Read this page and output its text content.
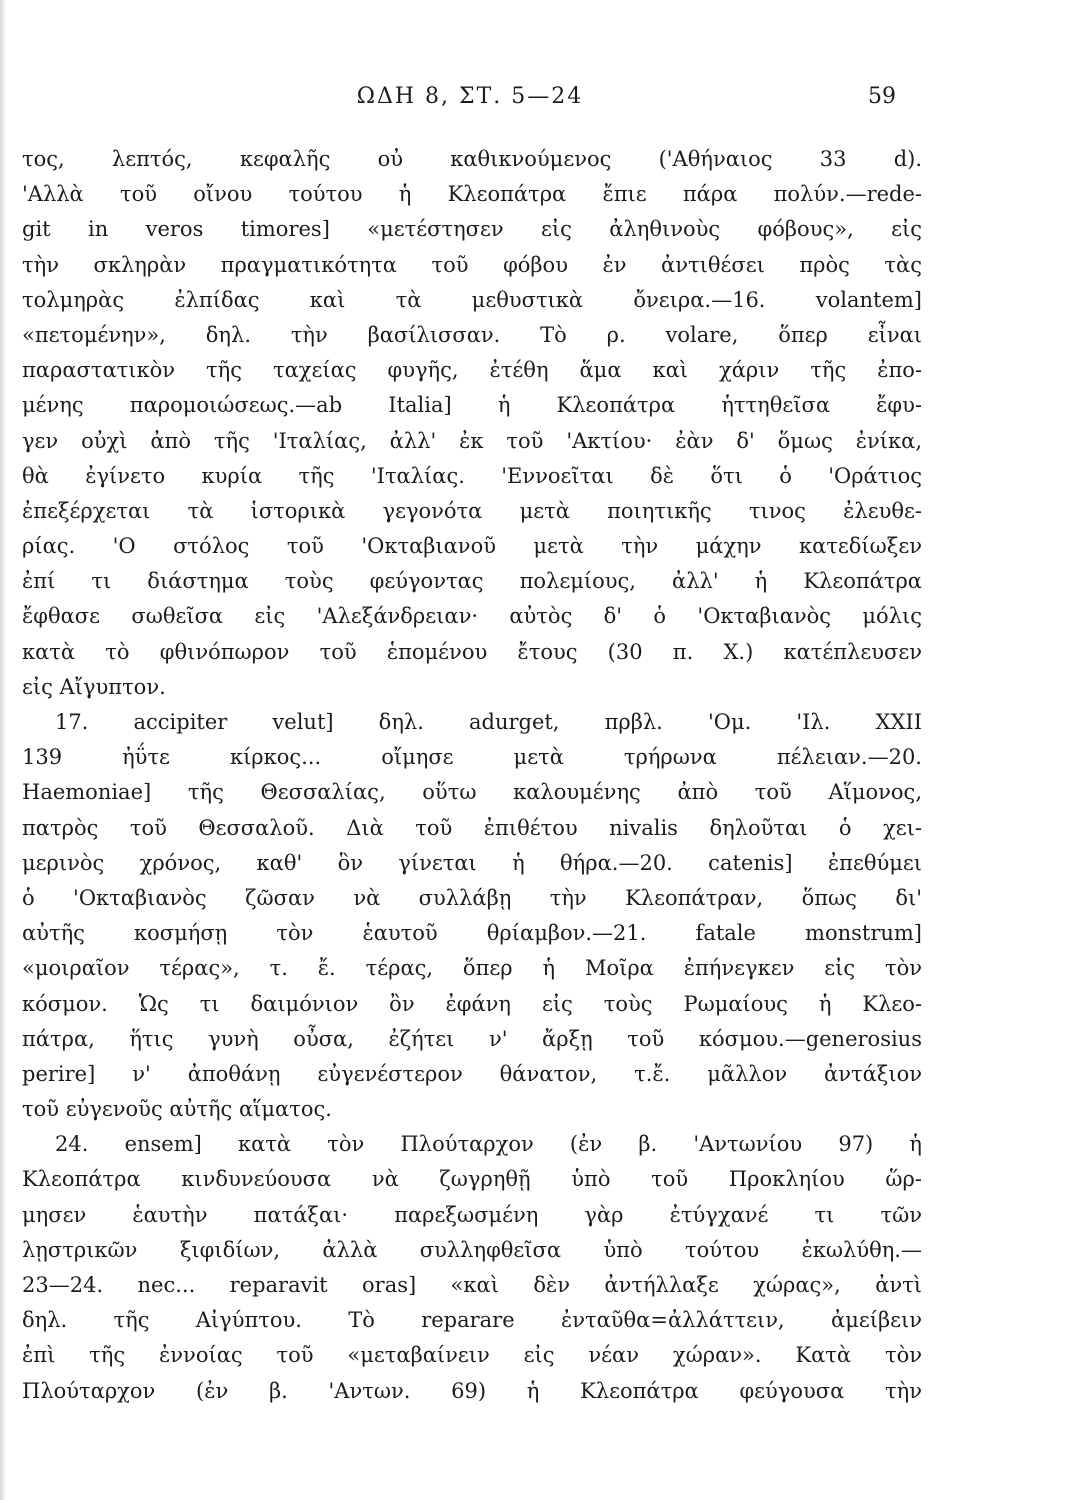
ΩΔΗ 8, ΣΤ. 5—24	59
τος, λεπτός, κεφαλῆς οὐ καθικνούμενος ('Αθήναιος 33 d).
'Αλλὰ τοῦ οἴνου τούτου ἡ Κλεοπάτρα ἔπιε πάρα πολύν.—rede-
git in veros timores] «μετέστησεν εἰς ἀληθινοὺς φόβους», εἰς
τὴν σκληρὰν πραγματικότητα τοῦ φόβου ἐν ἀντιθέσει πρὸς τὰς
τολμηρὰς ἐλπίδας καὶ τὰ μεθυστικὰ ὄνειρα.—16. volantem]
«πετομένην», δηλ. τὴν βασίλισσαν. Τὸ ρ. volare, ὅπερ εἶναι
παραστατικὸν τῆς ταχείας φυγῆς, ἐτέθη ἅμα καὶ χάριν τῆς ἐπο-
μένης παρομοιώσεως.—ab Italia] ἡ Κλεοπάτρα ἡττηθεῖσα ἔφυ-
γεν οὐχὶ ἀπὸ τῆς 'Ιταλίας, ἀλλ' ἐκ τοῦ 'Ακτίου· ἐὰν δ' ὅμως ἐνίκα,
θὰ ἐγίνετο κυρία τῆς 'Ιταλίας. 'Εννοεῖται δὲ ὅτι ὁ 'Οράτιος
ἐπεξέρχεται τὰ ἱστορικὰ γεγονότα μετὰ ποιητικῆς τινος ἐλευθε-
ρίας. 'Ο στόλος τοῦ 'Οκταβιανοῦ μετὰ τὴν μάχην κατεδίωξεν
ἐπί τι διάστημα τοὺς φεύγοντας πολεμίους, ἀλλ' ἡ Κλεοπάτρα
ἔφθασε σωθεῖσα εἰς 'Αλεξάνδρειαν· αὐτὸς δ' ὁ 'Οκταβιανὸς μόλις
κατὰ τὸ φθινόπωρον τοῦ ἑπομένου ἔτους (30 π. Χ.) κατέπλευσεν
εἰς Αἴγυπτον.
17. accipiter velut] δηλ. adurget, πρβλ. 'Ομ. 'Ιλ. XXII
139 ἠΰτε κίρκος... οἴμησε μετὰ τρήρωνα πέλειαν.—20.
Haemoniae] τῆς Θεσσαλίας, οὕτω καλουμένης ἀπὸ τοῦ Αἵμονος,
πατρὸς τοῦ Θεσσαλοῦ. Διὰ τοῦ ἐπιθέτου nivalis δηλοῦται ὁ χει-
μερινὸς χρόνος, καθ' ὃν γίνεται ἡ θήρα.—20. catenis] ἐπεθύμει
ὁ 'Οκταβιανὸς ζῶσαν νὰ συλλάβῃ τὴν Κλεοπάτραν, ὅπως δι'
αὐτῆς κοσμήσῃ τὸν ἑαυτοῦ θρίαμβον.—21. fatale monstrum]
«μοιραῖον τέρας», τ. ἔ. τέρας, ὅπερ ἡ Μοῖρα ἐπήνεγκεν εἰς τὸν
κόσμον. Ὡς τι δαιμόνιον ὂν ἐφάνη εἰς τοὺς Ρωμαίους ἡ Κλεο-
πάτρα, ἥτις γυνὴ οὖσα, ἐζήτει ν' ἄρξῃ τοῦ κόσμου.—generosius
perire] ν' ἀποθάνῃ εὐγενέστερον θάνατον, τ.ἔ. μᾶλλον ἀντάξιον
τοῦ εὐγενοῦς αὐτῆς αἵματος.
24. ensem] κατὰ τὸν Πλούταρχον (ἐν β. 'Αντωνίου 97) ἡ
Κλεοπάτρα κινδυνεύουσα νὰ ζωγρηθῇ ὑπὸ τοῦ Προκληίου ὥρ-
μησεν ἑαυτὴν πατάξαι· παρεξωσμένη γὰρ ἐτύγχανέ τι τῶν
λῃστρικῶν ξιφιδίων, ἀλλὰ συλληφθεῖσα ὑπὸ τούτου ἐκωλύθη.—
23—24. nec... reparavit oras] «καὶ δὲν ἀντήλλαξε χώρας», ἀντὶ
δηλ. τῆς Αἰγύπτου. Τὸ reparare ἐνταῦθα=ἀλλάττειν, ἀμείβειν
ἐπὶ τῆς ἐννοίας τοῦ «μεταβαίνειν εἰς νέαν χώραν». Κατὰ τὸν
Πλούταρχον (ἐν β. 'Αντων. 69) ἡ Κλεοπάτρα φεύγουσα τὴν
